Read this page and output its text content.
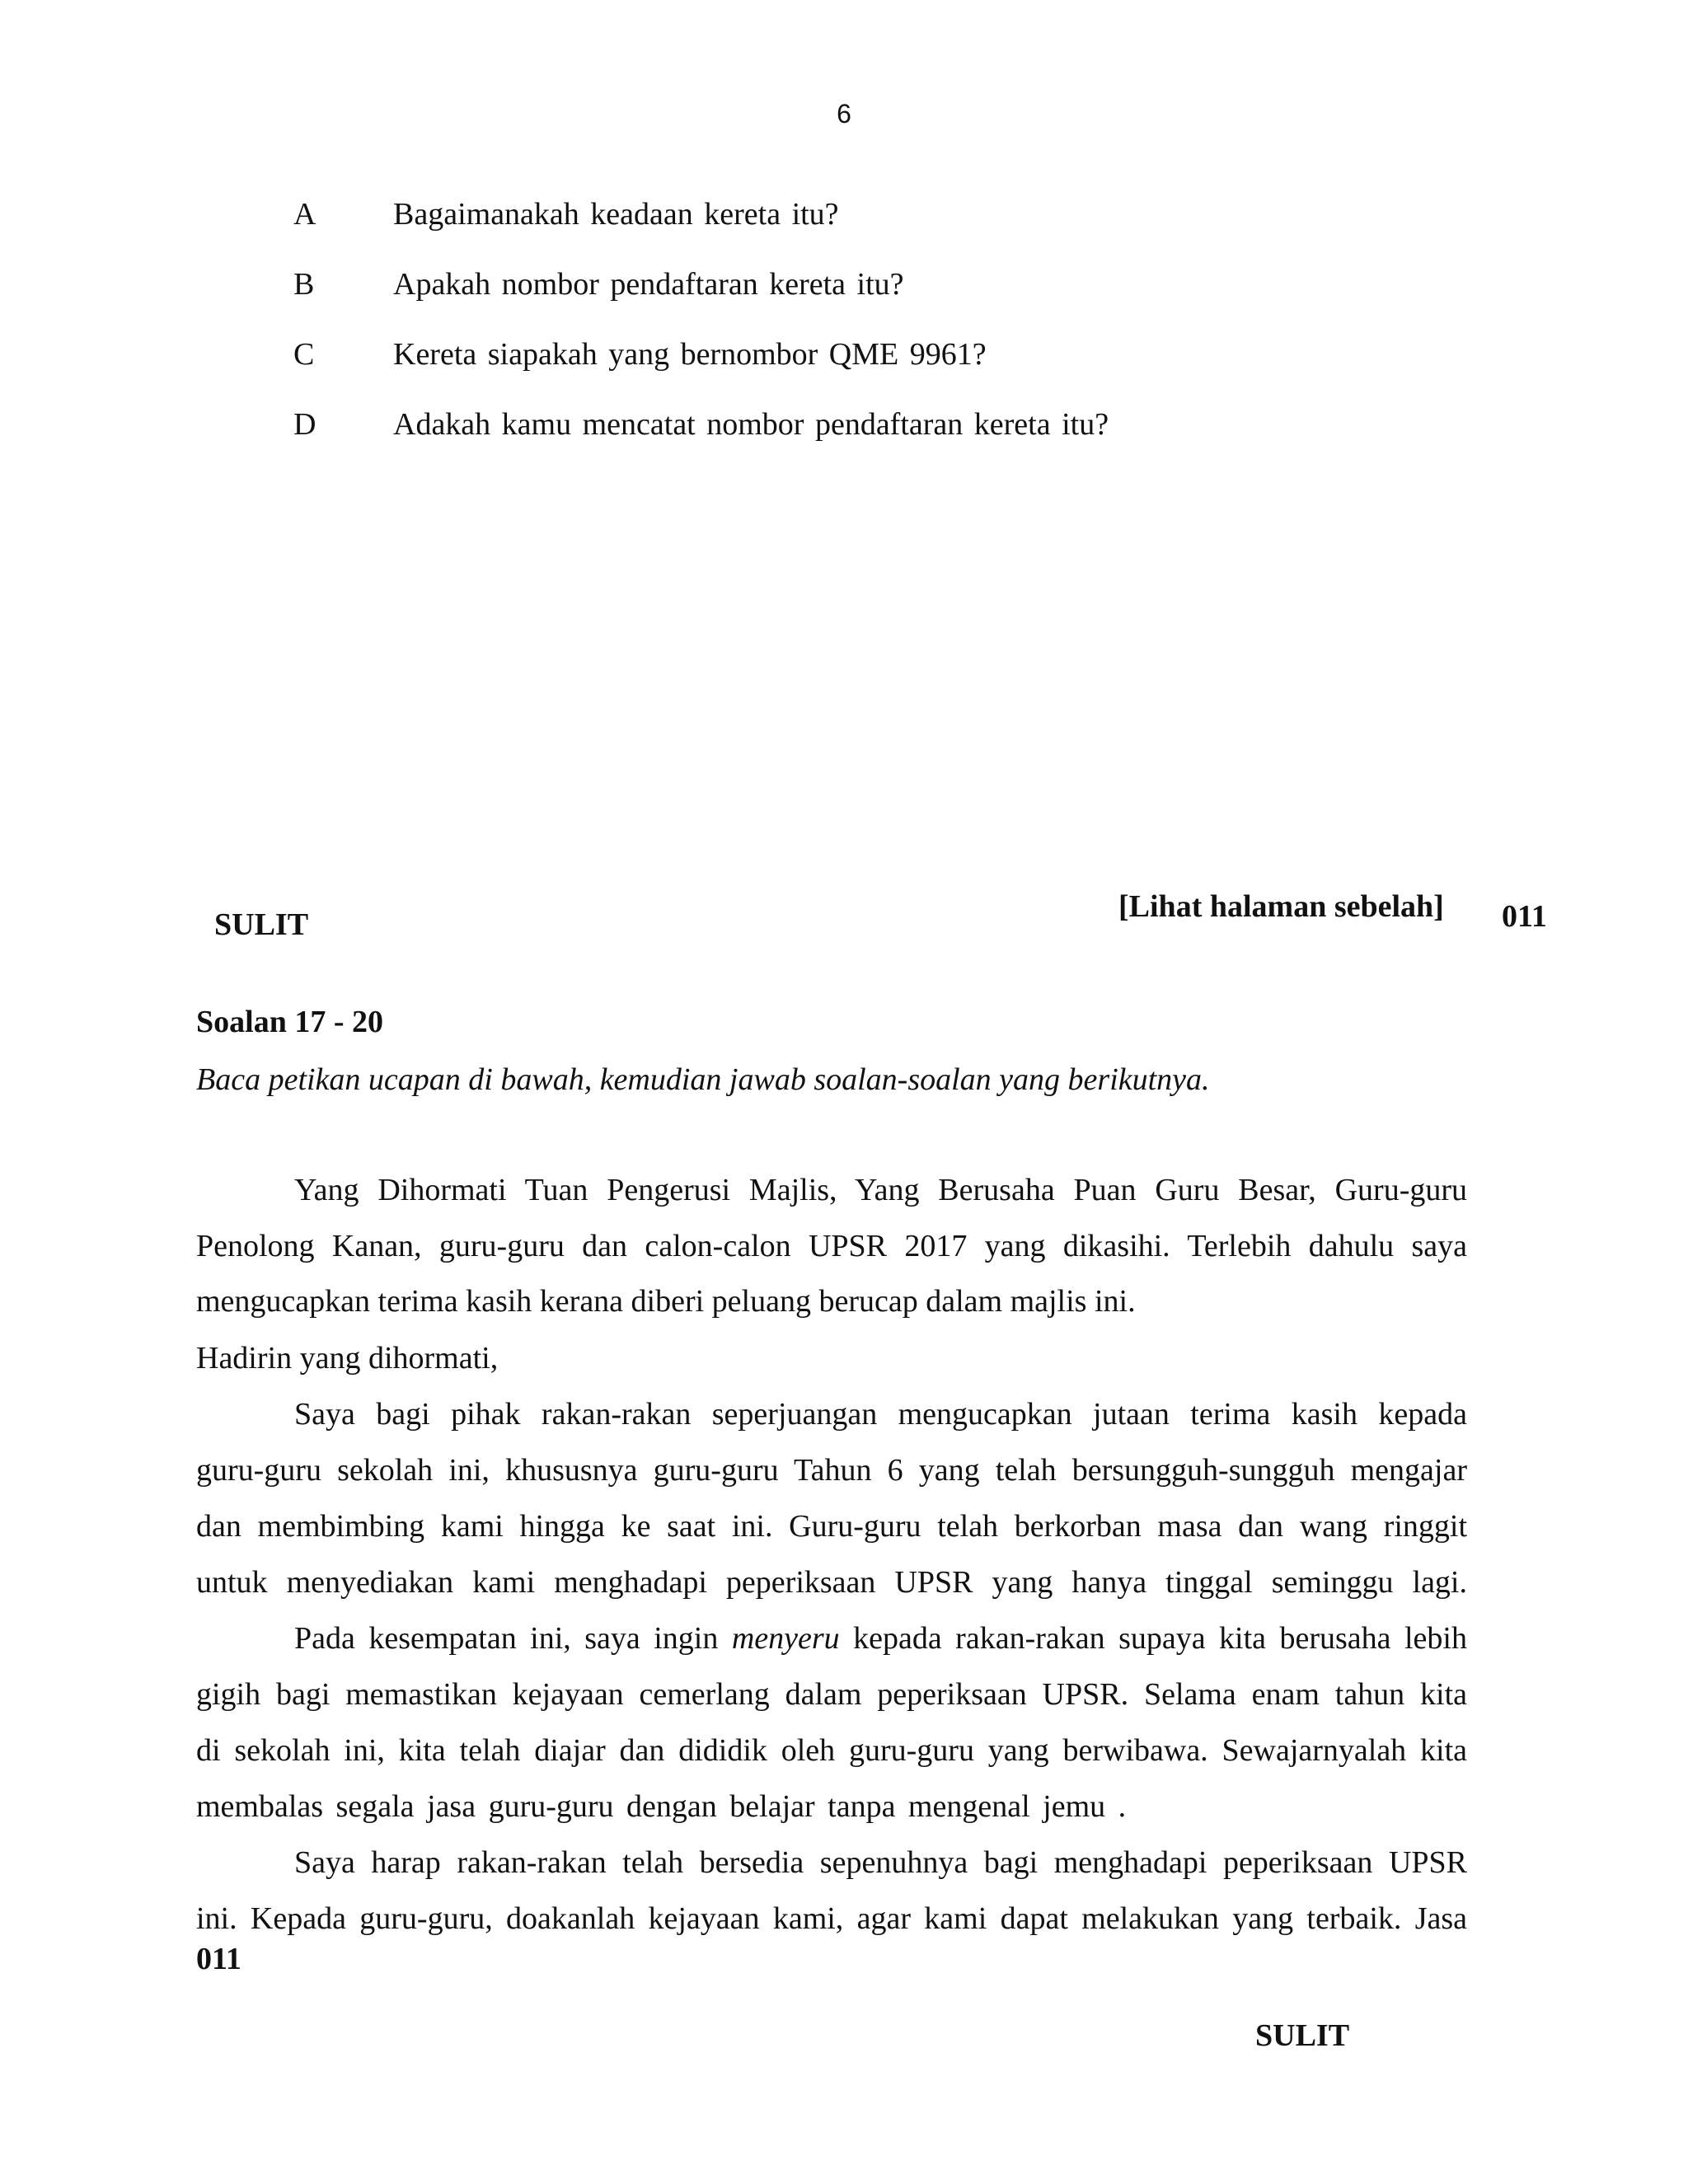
6
A Bagaimanakah keadaan kereta itu?
B	Apakah nombor pendaftaran kereta itu?
C	Kereta siapakah yang bernombor QME 9961?
D Adakah kamu mencatat nombor pendaftaran kereta itu?
SULIT
[Lihat halaman sebelah] 011
Soalan 17 - 20
Baca petikan ucapan di bawah, kemudian jawab soalan-soalan yang berikutnya.
Yang Dihormati Tuan Pengerusi Majlis, Yang Berusaha Puan Guru Besar, Guru-guru
Penolong Kanan, guru-guru dan calon-calon UPSR 2017 yang dikasihi. Terlebih dahulu saya
mengucapkan terima kasih kerana diberi peluang berucap dalam majlis ini.
Hadirin yang dihormati,
Saya bagi pihak rakan-rakan seperjuangan mengucapkan jutaan terima kasih kepada
guru-guru sekolah ini, khususnya guru-guru Tahun 6 yang telah bersungguh-sungguh mengajar
dan membimbing kami hingga ke saat ini. Guru-guru telah berkorban masa dan wang ringgit
untuk menyediakan kami menghadapi peperiksaan UPSR yang hanya tinggal seminggu lagi.
Pada kesempatan ini, saya ingin menyeru kepada rakan-rakan supaya kita berusaha lebih
gigih bagi memastikan kejayaan cemerlang dalam peperiksaan UPSR. Selama enam tahun kita
di sekolah ini, kita telah diajar dan dididik oleh guru-guru yang berwibawa. Sewajarnyalah kita
membalas segala jasa guru-guru dengan belajar tanpa mengenal jemu .
Saya harap rakan-rakan telah bersedia sepenuhnya bagi menghadapi peperiksaan UPSR
ini. Kepada guru-guru, doakanlah kejayaan kami, agar kami dapat melakukan yang terbaik. Jasa
011
SULIT
